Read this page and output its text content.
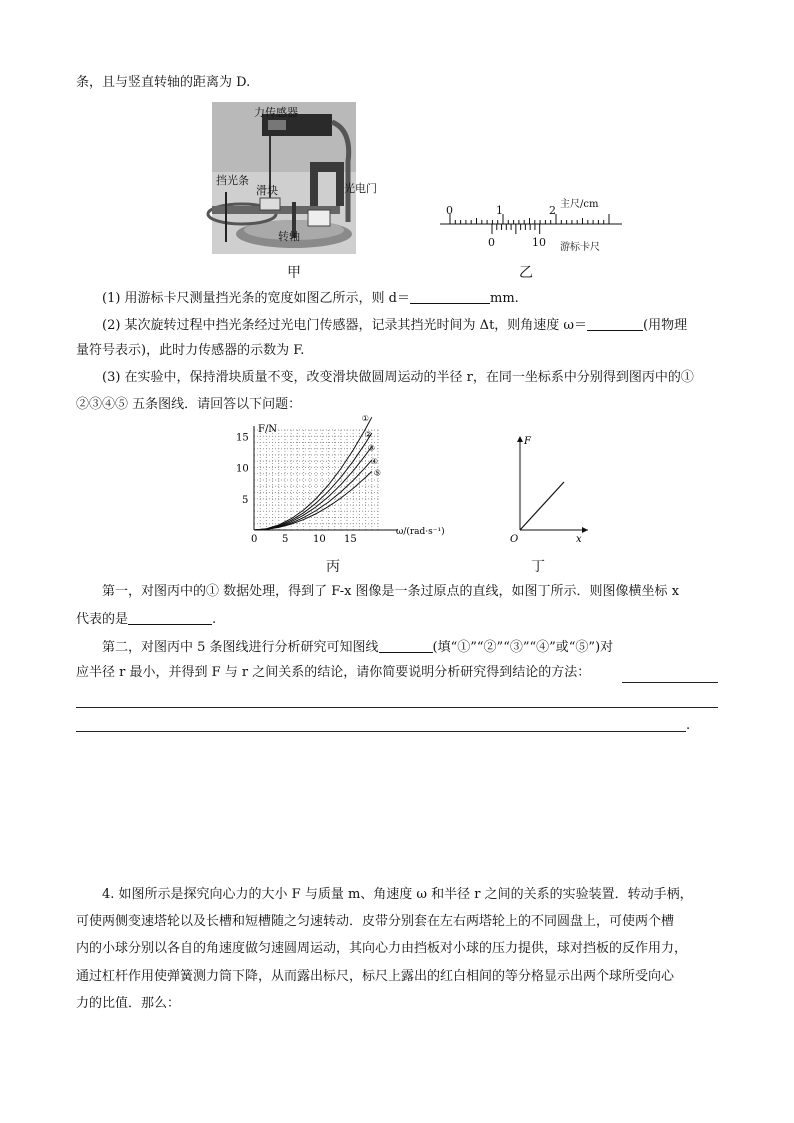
条，且与竖直转轴的距离为 D.
力传感器
挡光条
滑块	光电门
转轴
甲
0	1	2 主尺/cm
0	10 游标卡尺
乙
(1) 用游标卡尺测量挡光条的宽度如图乙所示，则 d＝	mm.
(2) 某次旋转过程中挡光条经过光电门传感器，记录其挡光时间为 Δt，则角速度 ω＝	(用物理
量符号表示)，此时力传感器的示数为 F.
(3) 在实验中，保持滑块质量不变，改变滑块做圆周运动的半径 r，在同一坐标系中分别得到图丙中的①
②③④⑤ 五条图线．请回答以下问题：
①
②
③
④
⑤
0 5 10 15
5
10
15
F/N
ω/(rad·s⁻¹)
丙
F
x
O
丁
第一，对图丙中的① 数据处理，得到了 F-x 图像是一条过原点的直线，如图丁所示．则图像横坐标 x
代表的是	.
第二，对图丙中 5 条图线进行分析研究可知图线	(填“①”“②”“③”“④”或“⑤”)对
应半径 r 最小，并得到 F 与 r 之间关系的结论，请你简要说明分析研究得到结论的方法：
.
4. 如图所示是探究向心力的大小 F 与质量 m、角速度 ω 和半径 r 之间的关系的实验装置．转动手柄，
可使两侧变速塔轮以及长槽和短槽随之匀速转动．皮带分别套在左右两塔轮上的不同圆盘上，可使两个槽
内的小球分别以各自的角速度做匀速圆周运动，其向心力由挡板对小球的压力提供，球对挡板的反作用力，
通过杠杆作用使弹簧测力筒下降，从而露出标尺，标尺上露出的红白相间的等分格显示出两个球所受向心
力的比值．那么：
